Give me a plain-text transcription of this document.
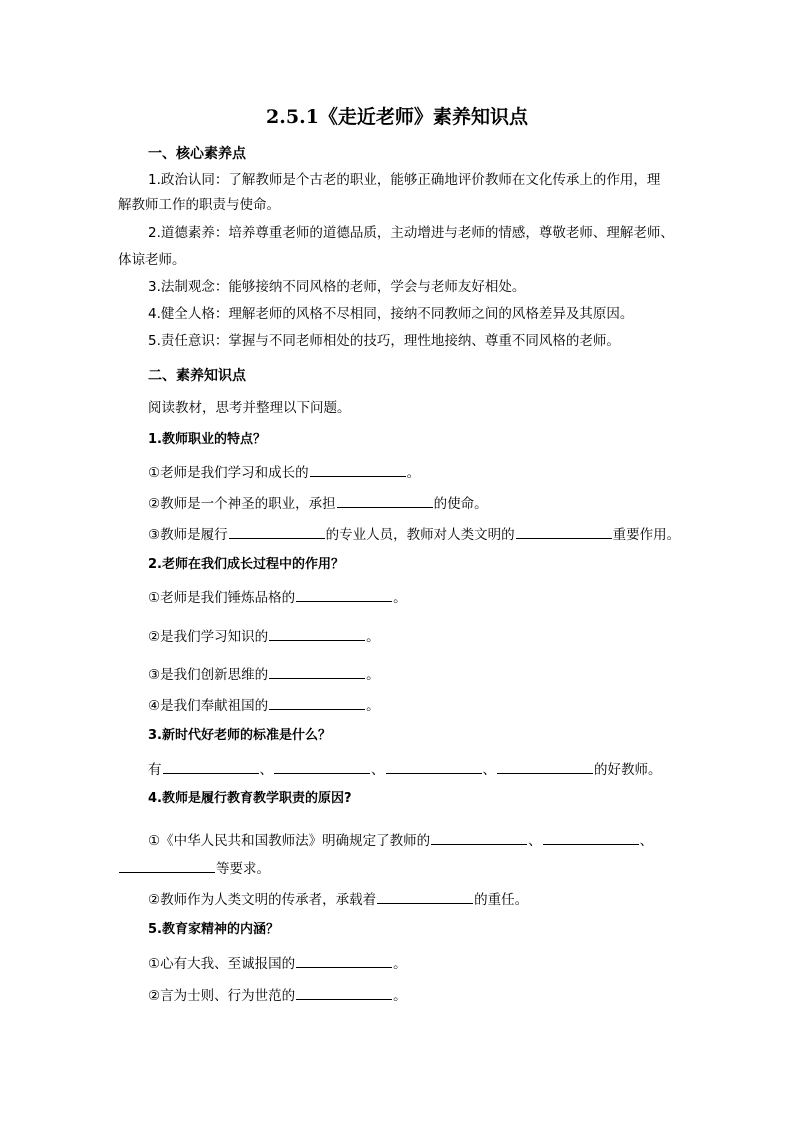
2.5.1《走近老师》素养知识点
一、核心素养点
1.政治认同：了解教师是个古老的职业，能够正确地评价教师在文化传承上的作用，理
解教师工作的职责与使命。
2.道德素养：培养尊重老师的道德品质，主动增进与老师的情感，尊敬老师、理解老师、
体谅老师。
3.法制观念：能够接纳不同风格的老师，学会与老师友好相处。
4.健全人格：理解老师的风格不尽相同，接纳不同教师之间的风格差异及其原因。
5.责任意识：掌握与不同老师相处的技巧，理性地接纳、尊重不同风格的老师。
二、素养知识点
阅读教材，思考并整理以下问题。
1.教师职业的特点？
①老师是我们学习和成长的	。
②教师是一个神圣的职业，承担	的使命。
③教师是履行	的专业人员，教师对人类文明的	重要作用。
2.老师在我们成长过程中的作用？
①老师是我们锤炼品格的	。
②是我们学习知识的	。
③是我们创新思维的	。
④是我们奉献祖国的	。
3.新时代好老师的标准是什么？
有	、	、	、	的好教师。
4.教师是履行教育教学职责的原因?
①《中华人民共和国教师法》明确规定了教师的	、	、
等要求。
②教师作为人类文明的传承者，承载着	的重任。
5.教育家精神的内涵？
①心有大我、至诚报国的	。
②言为士则、行为世范的	。
